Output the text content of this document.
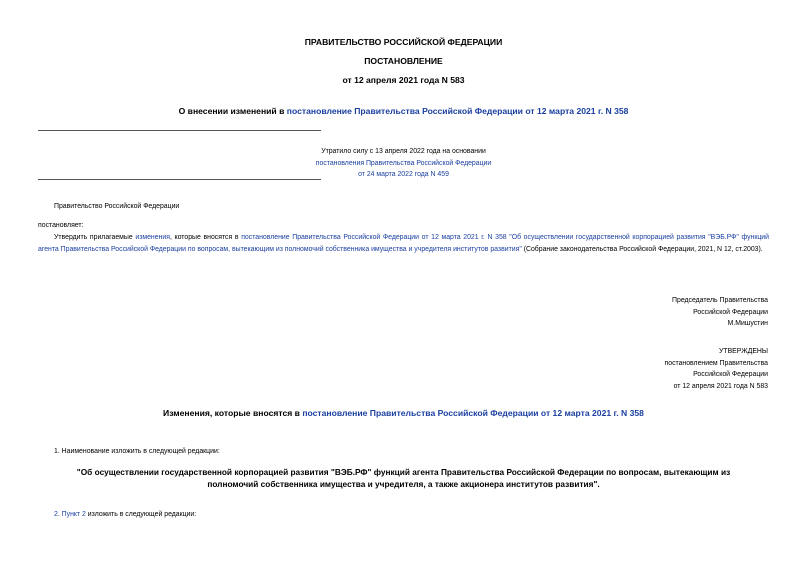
ПРАВИТЕЛЬСТВО РОССИЙСКОЙ ФЕДЕРАЦИИ
ПОСТАНОВЛЕНИЕ
от 12 апреля 2021 года N 583
О внесении изменений в постановление Правительства Российской Федерации от 12 марта 2021 г. N 358
Утратило силу с 13 апреля 2022 года на основании
постановления Правительства Российской Федерации
от 24 марта 2022 года N 459
Правительство Российской Федерации
постановляет:
Утвердить прилагаемые изменения, которые вносятся в постановление Правительства Российской Федерации от 12 марта 2021 г. N 358 "Об осуществлении государственной корпорацией развития "ВЭБ.РФ" функций агента Правительства Российской Федерации по вопросам, вытекающим из полномочий собственника имущества и учредителя институтов развития" (Собрание законодательства Российской Федерации, 2021, N 12, ст.2003).
Председатель Правительства
Российской Федерации
М.Мишустин
УТВЕРЖДЕНЫ
постановлением Правительства
Российской Федерации
от 12 апреля 2021 года N 583
Изменения, которые вносятся в постановление Правительства Российской Федерации от 12 марта 2021 г. N 358
1. Наименование изложить в следующей редакции:
"Об осуществлении государственной корпорацией развития "ВЭБ.РФ" функций агента Правительства Российской Федерации по вопросам, вытекающим из
полномочий собственника имущества и учредителя, а также акционера институтов развития".
2. Пункт 2 изложить в следующей редакции:
